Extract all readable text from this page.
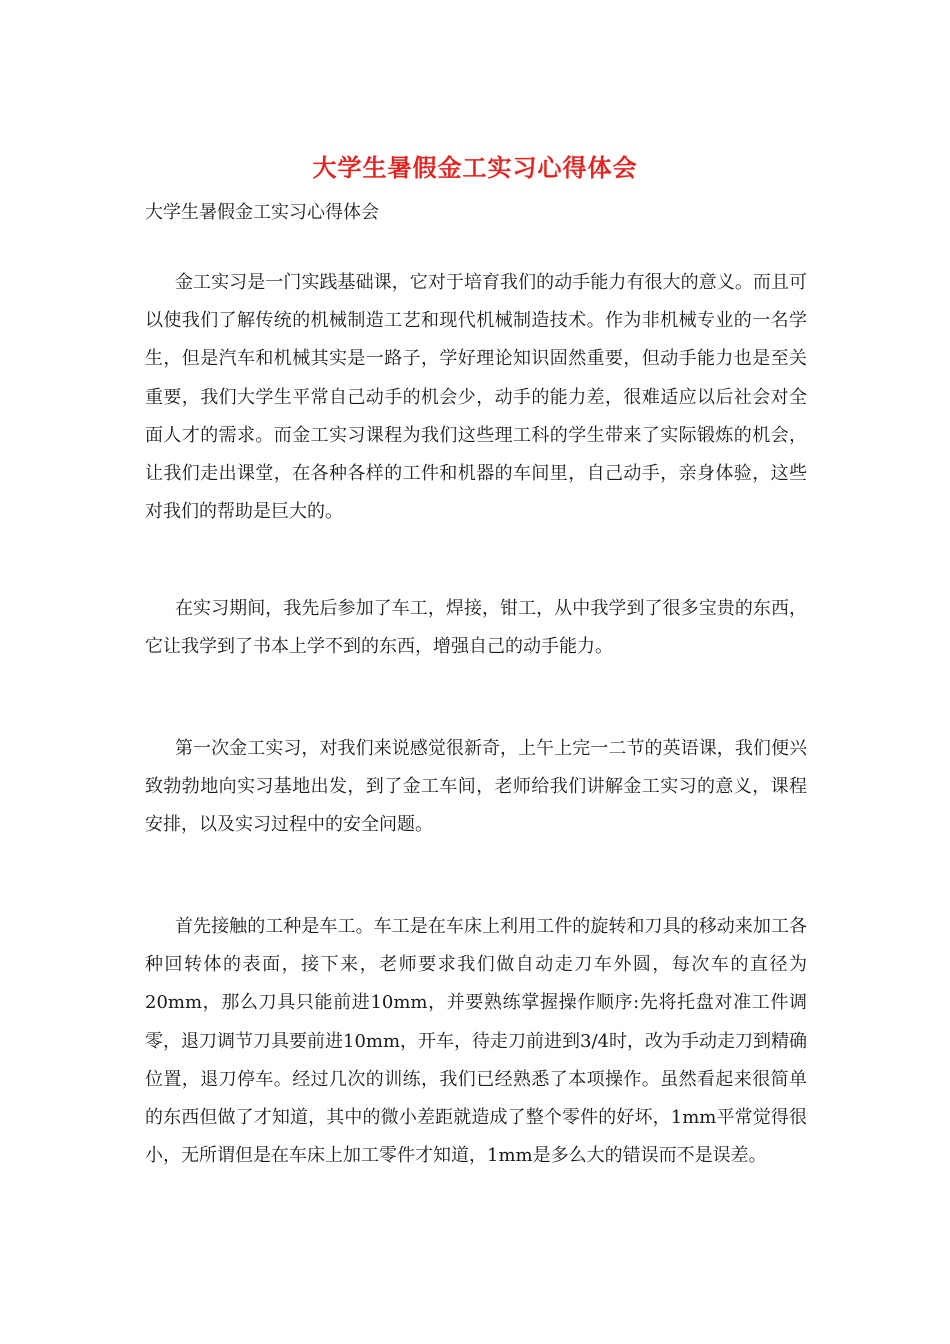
大学生暑假金工实习心得体会
大学生暑假金工实习心得体会

金工实习是一门实践基础课，它对于培育我们的动手能力有很大的意义。而且可以使我们了解传统的机械制造工艺和现代机械制造技术。作为非机械专业的一名学生，但是汽车和机械其实是一路子，学好理论知识固然重要，但动手能力也是至关重要，我们大学生平常自己动手的机会少，动手的能力差，很难适应以后社会对全面人才的需求。而金工实习课程为我们这些理工科的学生带来了实际锻炼的机会，让我们走出课堂，在各种各样的工件和机器的车间里，自己动手，亲身体验，这些对我们的帮助是巨大的。

在实习期间，我先后参加了车工，焊接，钳工，从中我学到了很多宝贵的东西，它让我学到了书本上学不到的东西，增强自己的动手能力。

第一次金工实习，对我们来说感觉很新奇，上午上完一二节的英语课，我们便兴致勃勃地向实习基地出发，到了金工车间，老师给我们讲解金工实习的意义，课程安排，以及实习过程中的安全问题。

首先接触的工种是车工。车工是在车床上利用工件的旋转和刀具的移动来加工各种回转体的表面，接下来，老师要求我们做自动走刀车外圆，每次车的直径为20mm，那么刀具只能前进10mm，并要熟练掌握操作顺序:先将托盘对准工件调零，退刀调节刀具要前进10mm，开车，待走刀前进到3/4时，改为手动走刀到精确位置，退刀停车。经过几次的训练，我们已经熟悉了本项操作。虽然看起来很简单的东西但做了才知道，其中的微小差距就造成了整个零件的好坏，1mm平常觉得很小，无所谓但是在车床上加工零件才知道，1mm是多么大的错误而不是误差。
